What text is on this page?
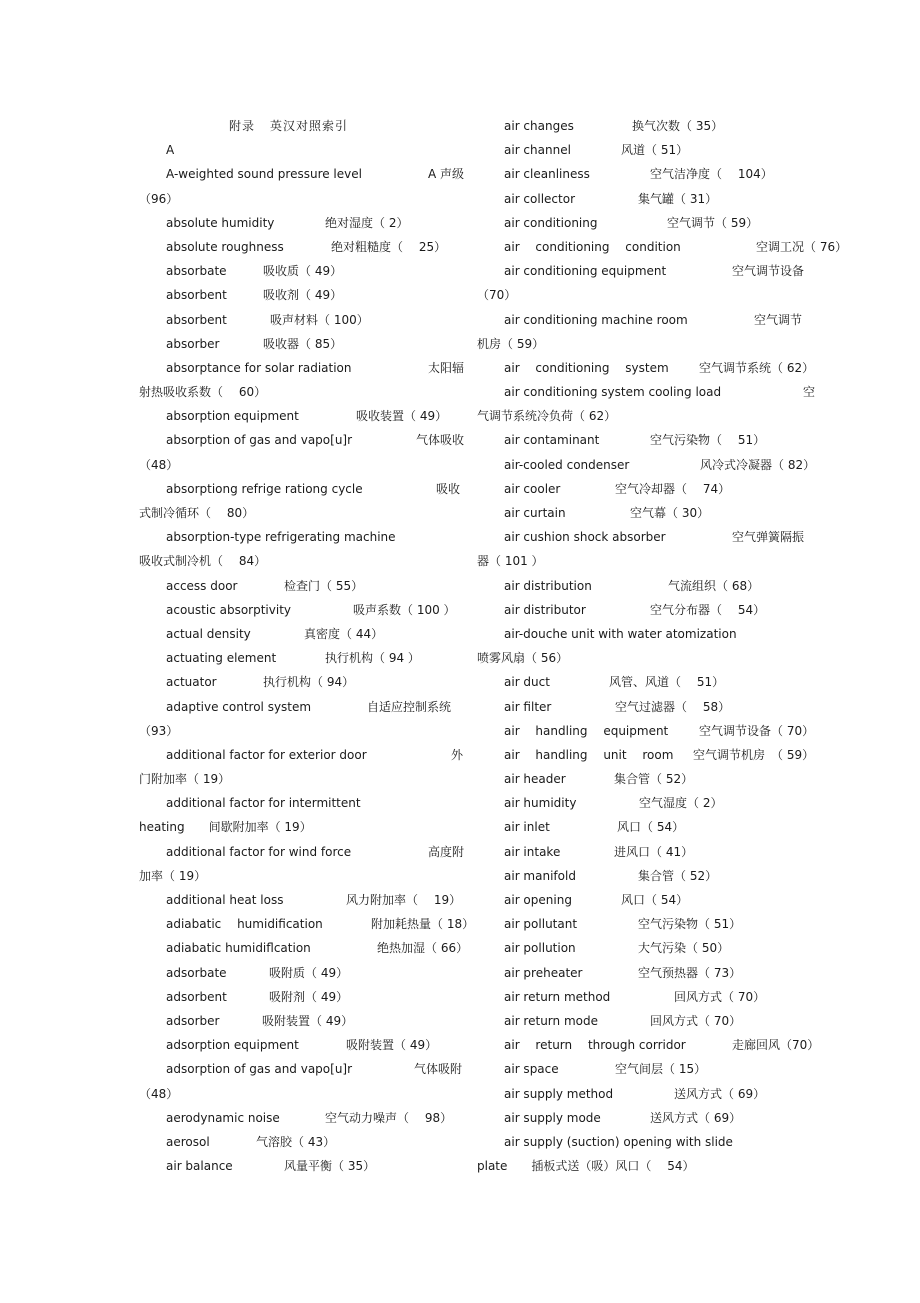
附录 英汉对照索引
A
A-weighted sound pressure level	A 声级
（96）
absolute humidity	绝对湿度（ 2）
absolute roughness	绝对粗糙度（　 25）
absorbate	吸收质（ 49）
absorbent	吸收剂（ 49）
absorbent	吸声材料（ 100）
absorber	吸收器（ 85）
absorptance for solar radiation	太阳辐
射热吸收系数（　 60）
absorption equipment	吸收装置（ 49）
absorption of gas and vapo[u]r	气体吸收
（48）
absorptiong refrige rationg cycle	吸收
式制冷循环（　 80）
absorption-type refrigerating machine
吸收式制冷机（　 84）
access door	检查门（ 55）
acoustic absorptivity	吸声系数（ 100 ）
actual density	真密度（ 44）
actuating element	执行机构（ 94 ）
actuator	执行机构（ 94）
adaptive control system	自适应控制系统
（93）
additional factor for exterior door	外
门附加率（ 19）
additional factor for intermittent
heating　　间歇附加率（ 19）
additional factor for wind force	高度附
加率（ 19）
additional heat loss	风力附加率（　 19）
adiabatic　 humidification	附加耗热量（ 18）
adiabatic humidiflcation	绝热加湿（ 66）
adsorbate	吸附质（ 49）
adsorbent	吸附剂（ 49）
adsorber	吸附装置（ 49）
adsorption equipment	吸附装置（ 49）
adsorption of gas and vapo[u]r	气体吸附
（48）
aerodynamic noise	空气动力噪声（　 98）
aerosol	气溶胶（ 43）
air balance	风量平衡（ 35）
air changes	换气次数（ 35）
air channel	风道（ 51）
air cleanliness	空气洁净度（　 104）
air collector	集气罐（ 31）
air conditioning	空气调节（ 59）
air　 conditioning　 condition	空调工况（ 76）
air conditioning equipment	空气调节设备
（70）
air conditioning machine room	空气调节
机房（ 59）
air　 conditioning　 system	空气调节系统（ 62）
air conditioning system cooling load	空
气调节系统冷负荷（ 62）
air contaminant	空气污染物（　 51）
air-cooled condenser	风冷式冷凝器（ 82）
air cooler	空气冷却器（　 74）
air curtain	空气幕（ 30）
air cushion shock absorber	空气弹簧隔振
器（ 101 ）
air distribution	气流组织（ 68）
air distributor	空气分布器（　 54）
air-douche unit with water atomization
喷雾风扇（ 56）
air duct	风管、风道（　 51）
air filter	空气过滤器（　 58）
air　 handling　 equipment	空气调节设备（ 70）
air　 handling　 unit　 room 空气调节机房　（ 59）
air header	集合管（ 52）
air humidity	空气湿度（ 2）
air inlet	风口（ 54）
air intake	进风口（ 41）
air manifold	集合管（ 52）
air opening	风口（ 54）
air pollutant	空气污染物（ 51）
air pollution	大气污染（ 50）
air preheater	空气预热器（ 73）
air return method	回风方式（ 70）
air return mode	回风方式（ 70）
air　 return　 through corridor	走廊回风（70）
air space	空气间层（ 15）
air supply method	送风方式（ 69）
air supply mode	送风方式（ 69）
air supply (suction) opening with slide
plate　　插板式送（吸）风口（　 54）
